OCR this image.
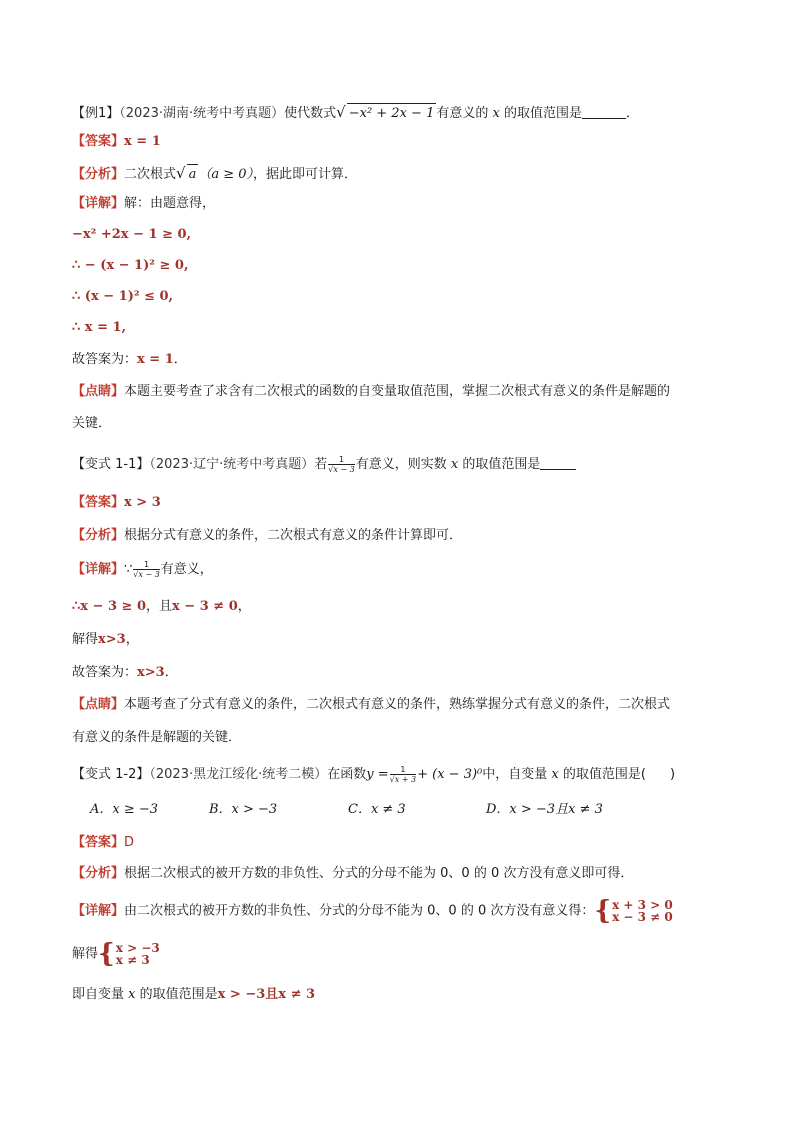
【例1】（2023·湖南·统考中考真题）使代数式√ −x² + 2x − 1 有意义的 x 的取值范围是	．
【答案】x = 1
【分析】二次根式√ a （a ≥ 0），据此即可计算．
【详解】解：由题意得，
−x² +2x − 1 ≥ 0,
∴ − (x − 1)² ≥ 0,
∴ (x − 1)² ≤ 0,
∴ x = 1,
故答案为：x = 1．
【点睛】本题主要考查了求含有二次根式的函数的自变量取值范围，掌握二次根式有意义的条件是解题的
关键．
【变式 1-1】（2023·辽宁·统考中考真题）若 $\frac{1}{√x - 3}$ 有意义，则实数 x 的取值范围是
【答案】x > 3
【分析】根据分式有意义的条件，二次根式有意义的条件计算即可．
【详解】∵ $\frac{1}{√x - 3}$ 有意义，
∴x − 3 ≥ 0，且x − 3 ≠ 0，
解得x>3，
故答案为：x>3．
【点睛】本题考查了分式有意义的条件，二次根式有意义的条件，熟练掌握分式有意义的条件，二次根式
有意义的条件是解题的关键．
【变式 1-2】（2023·黑龙江绥化·统考二模）在函数$y = \frac{1}{√x + 3} + (x - 3)^0$中，自变量 x 的取值范围是( )
A．x ≥ −3	B．x > −3	C．x ≠ 3	D．x > −3且x ≠ 3
【答案】D
【分析】根据二次根式的被开方数的非负性、分式的分母不能为 0、0 的 0 次方没有意义即可得．
【详解】由二次根式的被开方数的非负性、分式的分母不能为 0、0 的 0 次方没有意义得：{ x + 3 > 0
x − 3 ≠ 0
解得{ x > −3
x ≠ 3
即自变量 x 的取值范围是x > −3且x ≠ 3
